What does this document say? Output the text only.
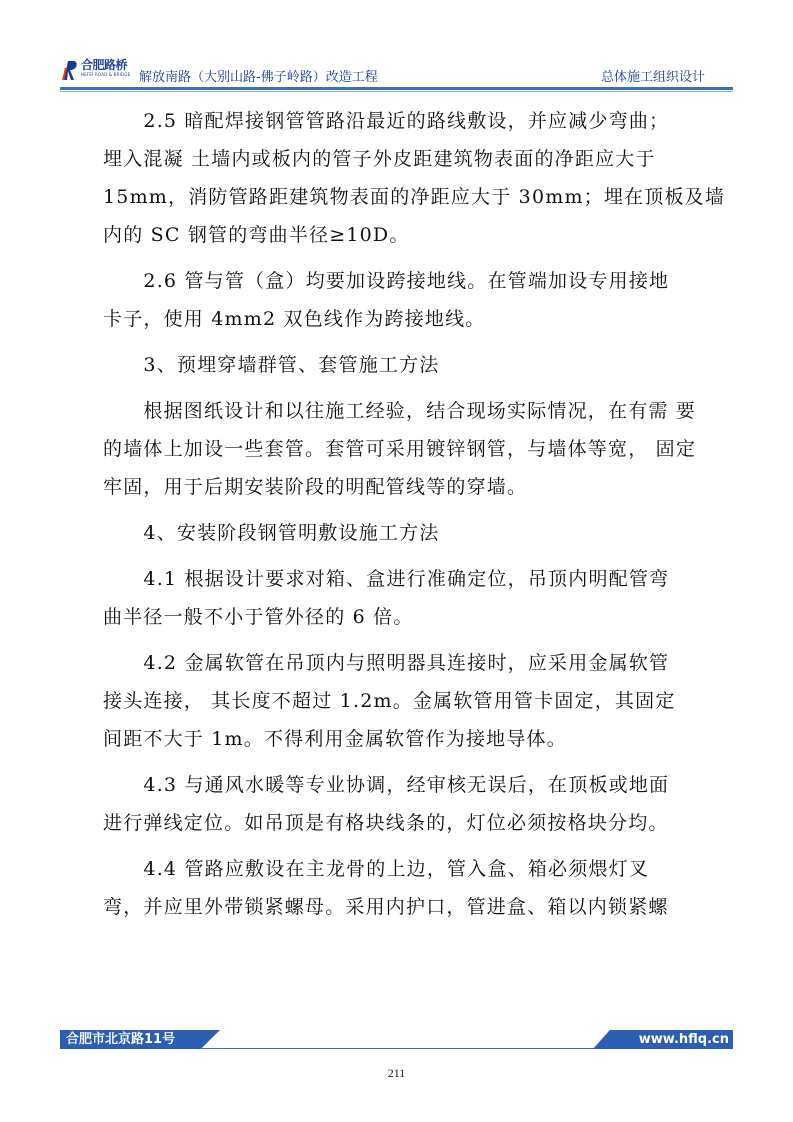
合肥路桥
HEFEI ROAD & BRIDGE 解放南路（大别山路-佛子岭路）改造工程	总体施工组织设计

　　2.5 暗配焊接钢管管路沿最近的路线敷设，并应减少弯曲；
埋入混凝 土墙内或板内的管子外皮距建筑物表面的净距应大于
15mm，消防管路距建筑物表面的净距应大于 30mm；埋在顶板及墙
内的 SC 钢管的弯曲半径≥10D。

　　2.6 管与管（盒）均要加设跨接地线。在管端加设专用接地
卡子，使用 4mm2 双色线作为跨接地线。

　　3、预埋穿墙群管、套管施工方法

　　根据图纸设计和以往施工经验，结合现场实际情况，在有需 要
的墙体上加设一些套管。套管可采用镀锌钢管，与墙体等宽， 固定
牢固，用于后期安装阶段的明配管线等的穿墙。

　　4、安装阶段钢管明敷设施工方法

　　4.1 根据设计要求对箱、盒进行准确定位，吊顶内明配管弯
曲半径一般不小于管外径的 6 倍。

　　4.2 金属软管在吊顶内与照明器具连接时，应采用金属软管
接头连接， 其长度不超过 1.2m。金属软管用管卡固定，其固定
间距不大于 1m。不得利用金属软管作为接地导体。

　　4.3 与通风水暖等专业协调，经审核无误后，在顶板或地面
进行弹线定位。如吊顶是有格块线条的，灯位必须按格块分均。

　　4.4 管路应敷设在主龙骨的上边，管入盒、箱必须煨灯叉
弯，并应里外带锁紧螺母。采用内护口，管进盒、箱以内锁紧螺

合肥市北京路11号	www.hflq.cn
211
